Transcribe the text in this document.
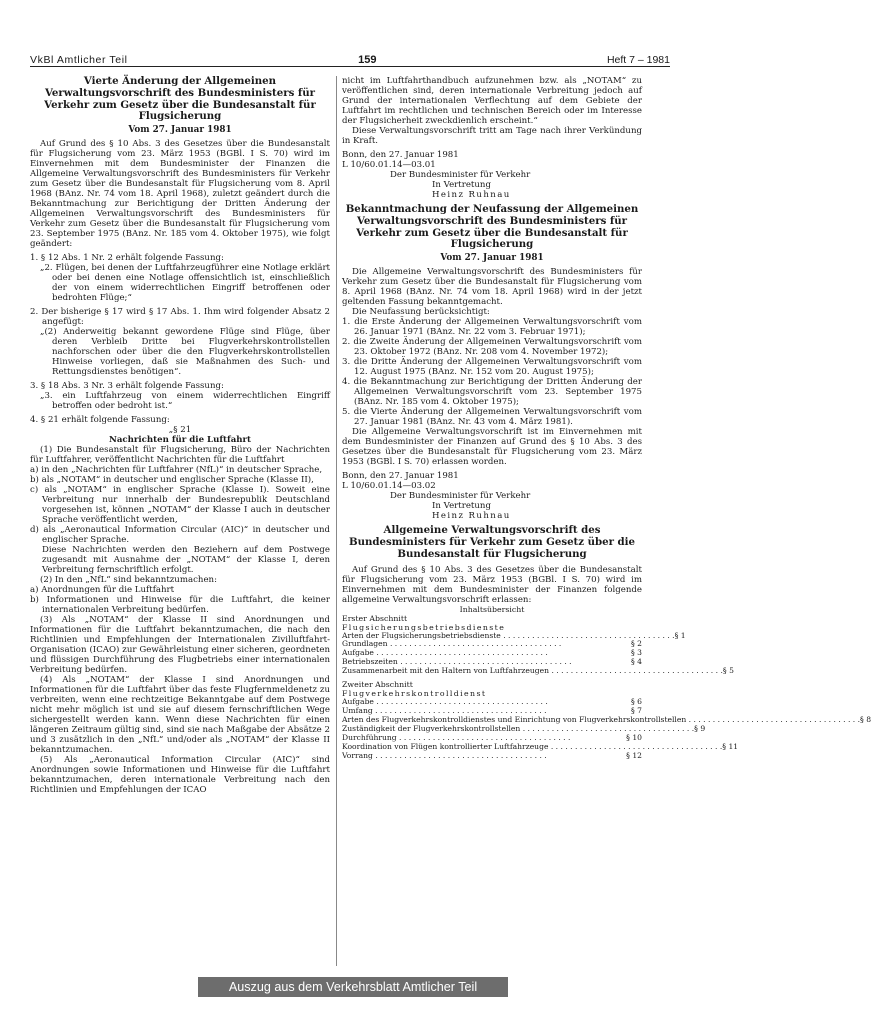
VkBl Amtlicher Teil	159	Heft 7 – 1981
Vierte Änderung der Allgemeinen Verwaltungsvorschrift des Bundesministers für Verkehr zum Gesetz über die Bundesanstalt für Flugsicherung
Vom 27. Januar 1981

Auf Grund des § 10 Abs. 3 des Gesetzes über die Bundesanstalt für Flugsicherung vom 23. März 1953 (BGBl. I S. 70) wird im Einvernehmen mit dem Bundesminister der Finanzen die Allgemeine Verwaltungsvorschrift des Bundesministers für Verkehr zum Gesetz über die Bundesanstalt für Flugsicherung vom 8. April 1968 (BAnz. Nr. 74 vom 18. April 1968), zuletzt geändert durch die Bekanntmachung zur Berichtigung der Dritten Änderung der Allgemeinen Verwaltungsvorschrift des Bundesministers für Verkehr zum Gesetz über die Bundesanstalt für Flugsicherung vom 23. September 1975 (BAnz. Nr. 185 vom 4. Oktober 1975), wie folgt geändert:

1. § 12 Abs. 1 Nr. 2 erhält folgende Fassung:

„2. Flügen, bei denen der Luftfahrzeugführer eine Notlage erklärt oder bei denen eine Notlage offensichtlich ist, einschließlich der von einem widerrechtlichen Eingriff betroffenen oder bedrohten Flüge;“

2. Der bisherige § 17 wird § 17 Abs. 1. Ihm wird folgender Absatz 2 angefügt:

„(2) Anderweitig bekannt gewordene Flüge sind Flüge, über deren Verbleib Dritte bei Flugverkehrskontrollstellen nachforschen oder über die den Flugverkehrskontrollstellen Hinweise vorliegen, daß sie Maßnahmen des Such- und Rettungsdienstes benötigen“.

3. § 18 Abs. 3 Nr. 3 erhält folgende Fassung:

„3. ein Luftfahrzeug von einem widerrechtlichen Eingriff betroffen oder bedroht ist.“

4. § 21 erhält folgende Fassung:

„§ 21
Nachrichten für die Luftfahrt

(1) Die Bundesanstalt für Flugsicherung, Büro der Nachrichten für Luftfahrer, veröffentlicht Nachrichten für die Luftfahrt

a) in den „Nachrichten für Luftfahrer (NfL)“ in deutscher Sprache,

b) als „NOTAM“ in deutscher und englischer Sprache (Klasse II),

c) als „NOTAM“ in englischer Sprache (Klasse I). Soweit eine Verbreitung nur innerhalb der Bundesrepublik Deutschland vorgesehen ist, können „NOTAM“ der Klasse I auch in deutscher Sprache veröffentlicht werden,

d) als „Aeronautical Information Circular (AIC)“ in deutscher und englischer Sprache.

Diese Nachrichten werden den Beziehern auf dem Postwege zugesandt mit Ausnahme der „NOTAM“ der Klasse I, deren Verbreitung fernschriftlich erfolgt.

(2) In den „NfL“ sind bekanntzumachen:

a) Anordnungen für die Luftfahrt

b) Informationen und Hinweise für die Luftfahrt, die keiner internationalen Verbreitung bedürfen.

(3) Als „NOTAM“ der Klasse II sind Anordnungen und Informationen für die Luftfahrt bekanntzumachen, die nach den Richtlinien und Empfehlungen der Internationalen Zivilluftfahrt-Organisation (ICAO) zur Gewährleistung einer sicheren, geordneten und flüssigen Durchführung des Flugbetriebs einer internationalen Verbreitung bedürfen.

(4) Als „NOTAM“ der Klasse I sind Anordnungen und Informationen für die Luftfahrt über das feste Flugfernmeldenetz zu verbreiten, wenn eine rechtzeitige Bekanntgabe auf dem Postwege nicht mehr möglich ist und sie auf diesem fernschriftlichen Wege sichergestellt werden kann. Wenn diese Nachrichten für einen längeren Zeitraum gültig sind, sind sie nach Maßgabe der Absätze 2 und 3 zusätzlich in den „NfL“ und/oder als „NOTAM“ der Klasse II bekanntzumachen.

(5) Als „Aeronautical Information Circular (AIC)“ sind Anordnungen sowie Informationen und Hinweise für die Luftfahrt bekanntzumachen, deren internationale Verbreitung nach den Richtlinien und Empfehlungen der ICAO

nicht im Luftfahrthandbuch aufzunehmen bzw. als „NOTAM“ zu veröffentlichen sind, deren internationale Verbreitung jedoch auf Grund der internationalen Verflechtung auf dem Gebiete der Luftfahrt im rechtlichen und technischen Bereich oder im Interesse der Flugsicherheit zweckdienlich erscheint.“

Diese Verwaltungsvorschrift tritt am Tage nach ihrer Verkündung in Kraft.

Bonn, den 27. Januar 1981

L 10/60.01.14—03.01

Der Bundesminister für Verkehr

In Vertretung

Heinz Ruhnau

Bekanntmachung der Neufassung der Allgemeinen Verwaltungsvorschrift des Bundesministers für Verkehr zum Gesetz über die Bundesanstalt für Flugsicherung
Vom 27. Januar 1981

Die Allgemeine Verwaltungsvorschrift des Bundesministers für Verkehr zum Gesetz über die Bundesanstalt für Flugsicherung vom 8. April 1968 (BAnz. Nr. 74 vom 18. April 1968) wird in der jetzt geltenden Fassung bekanntgemacht.

Die Neufassung berücksichtigt:

1. die Erste Änderung der Allgemeinen Verwaltungsvorschrift vom 26. Januar 1971 (BAnz. Nr. 22 vom 3. Februar 1971);

2. die Zweite Änderung der Allgemeinen Verwaltungsvorschrift vom 23. Oktober 1972 (BAnz. Nr. 208 vom 4. November 1972);

3. die Dritte Änderung der Allgemeinen Verwaltungsvorschrift vom 12. August 1975 (BAnz. Nr. 152 vom 20. August 1975);

4. die Bekanntmachung zur Berichtigung der Dritten Änderung der Allgemeinen Verwaltungsvorschrift vom 23. September 1975 (BAnz. Nr. 185 vom 4. Oktober 1975);

5. die Vierte Änderung der Allgemeinen Verwaltungsvorschrift vom 27. Januar 1981 (BAnz. Nr. 43 vom 4. März 1981).

Die Allgemeine Verwaltungsvorschrift ist im Einvernehmen mit dem Bundesminister der Finanzen auf Grund des § 10 Abs. 3 des Gesetzes über die Bundesanstalt für Flugsicherung vom 23. März 1953 (BGBl. I S. 70) erlassen worden.

Bonn, den 27. Januar 1981

L 10/60.01.14—03.02

Der Bundesminister für Verkehr

In Vertretung

Heinz Ruhnau

Allgemeine Verwaltungsvorschrift des Bundesministers für Verkehr zum Gesetz über die Bundesanstalt für Flugsicherung

Auf Grund des § 10 Abs. 3 des Gesetzes über die Bundesanstalt für Flugsicherung vom 23. März 1953 (BGBl. I S. 70) wird im Einvernehmen mit dem Bundesminister der Finanzen folgende allgemeine Verwaltungsvorschrift erlassen:

Inhaltsübersicht
Erster Abschnitt
Flugsicherungsbetriebsdienste
Arten der Flugsicherungsbetriebsdienste . . .	§ 1
Grundlagen . . .	§ 2
Aufgabe . . .	§ 3
Betriebszeiten . . .	§ 4
Zusammenarbeit mit den Haltern von Luftfahrzeugen . . .	§ 5
Zweiter Abschnitt
Flugverkehrskontrolldienst
Aufgabe . . .	§ 6
Umfang . . .	§ 7
Arten des Flugverkehrskontrolldienstes und Einrichtung von Flugverkehrskontrollstellen . . .	§ 8
Zuständigkeit der Flugverkehrskontrollstellen . . .	§ 9
Durchführung . . .	§ 10
Koordination von Flügen kontrollierter Luftfahrzeuge . . .	§ 11
Vorrang . . .	§ 12
Auszug aus dem Verkehrsblatt Amtlicher Teil
